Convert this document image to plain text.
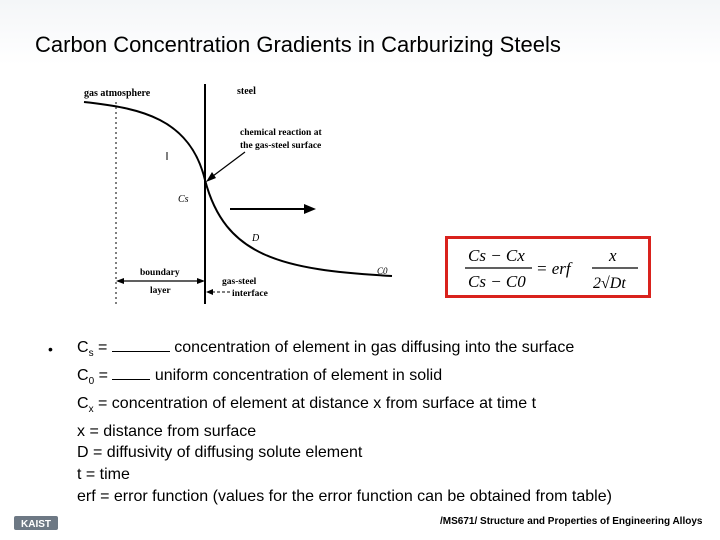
Carbon Concentration Gradients in Carburizing Steels
gas atmosphere	steel
chemical reaction at
the gas-steel surface
Cs
D
C0
boundary
layer
gas-steel
interface
Cs − Cx
Cs − C0
= erf
x
2√Dt
• $C_s$ =	concentration of element in gas diffusing into the surface
$C_0$ =	uniform concentration of element in solid
$C_x$ = concentration of element at distance x from surface at time t
x = distance from surface
D = diffusivity of diffusing solute element
t = time
erf = error function (values for the error function can be obtained from table)
KAIST	/MS671/ Structure and Properties of Engineering Alloys
